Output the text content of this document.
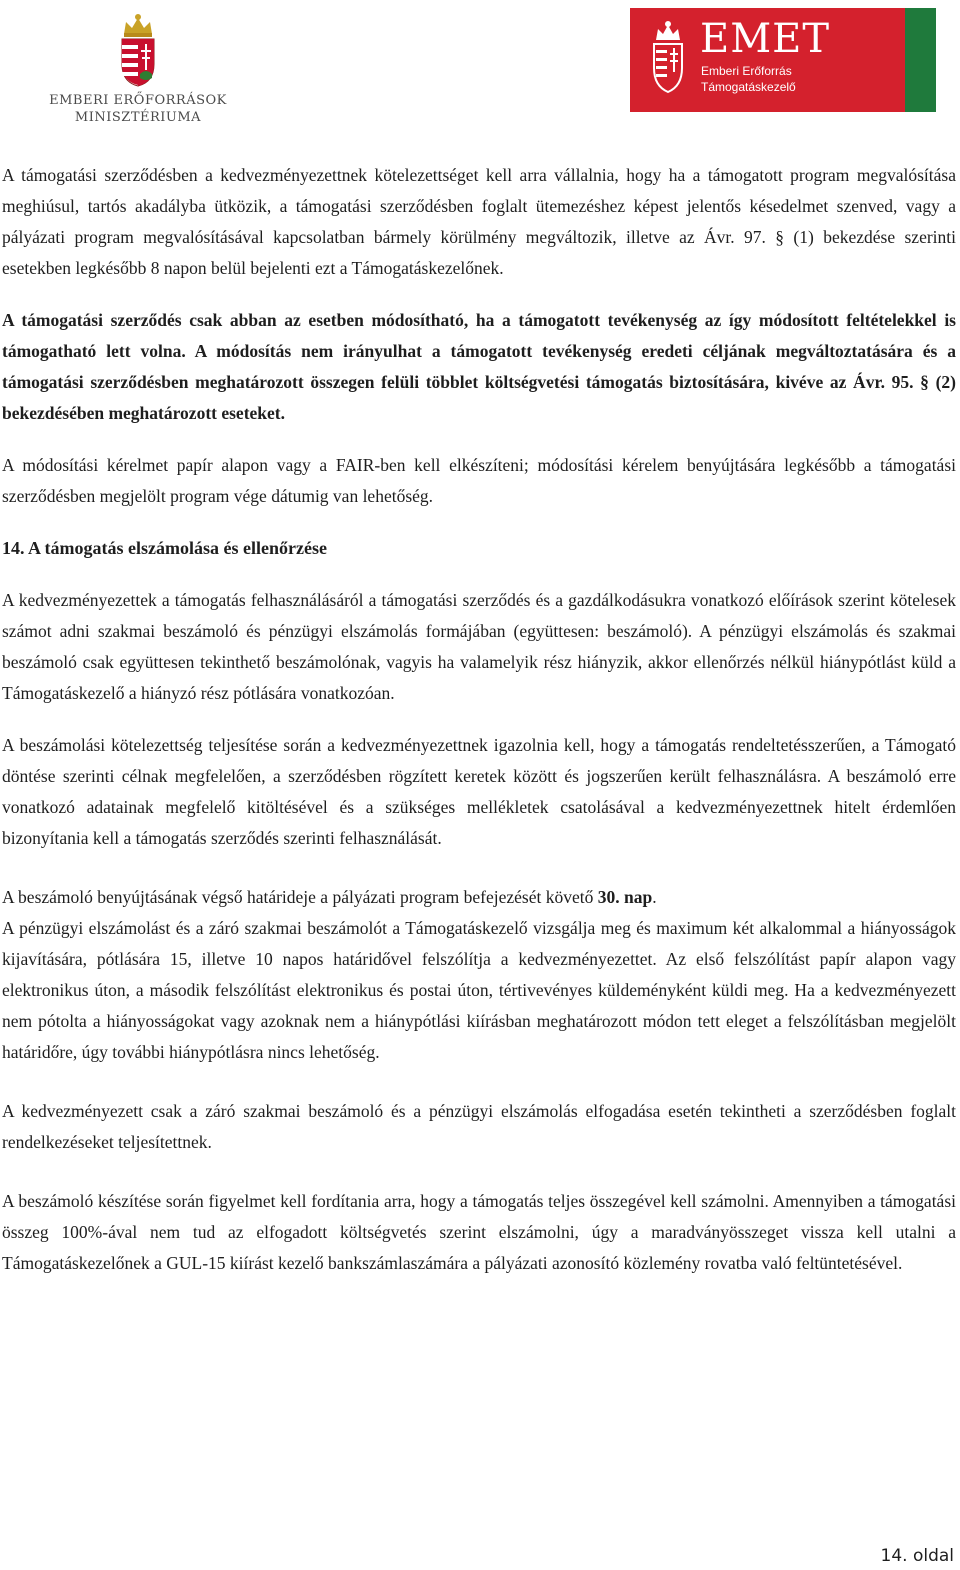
EMBERI ERŐFORRÁSOK
MINISZTÉRIUMA
EMET
Emberi Erőforrás
Támogatáskezelő

A támogatási szerződésben a kedvezményezettnek kötelezettséget kell arra vállalnia, hogy ha a támogatott program megvalósítása meghiúsul, tartós akadályba ütközik, a támogatási szerződésben foglalt ütemezéshez képest jelentős késedelmet szenved, vagy a pályázati program megvalósításával kapcsolatban bármely körülmény megváltozik, illetve az Ávr. 97. § (1) bekezdése szerinti esetekben legkésőbb 8 napon belül bejelenti ezt a Támogatáskezelőnek.

A támogatási szerződés csak abban az esetben módosítható, ha a támogatott tevékenység az így módosított feltételekkel is támogatható lett volna. A módosítás nem irányulhat a támogatott tevékenység eredeti céljának megváltoztatására és a támogatási szerződésben meghatározott összegen felüli többlet költségvetési támogatás biztosítására, kivéve az Ávr. 95. § (2) bekezdésében meghatározott eseteket.

A módosítási kérelmet papír alapon vagy a FAIR-ben kell elkészíteni; módosítási kérelem benyújtására legkésőbb a támogatási szerződésben megjelölt program vége dátumig van lehetőség.

14. A támogatás elszámolása és ellenőrzése

A kedvezményezettek a támogatás felhasználásáról a támogatási szerződés és a gazdálkodásukra vonatkozó előírások szerint kötelesek számot adni szakmai beszámoló és pénzügyi elszámolás formájában (együttesen: beszámoló). A pénzügyi elszámolás és szakmai beszámoló csak együttesen tekinthető beszámolónak, vagyis ha valamelyik rész hiányzik, akkor ellenőrzés nélkül hiánypótlást küld a Támogatáskezelő a hiányzó rész pótlására vonatkozóan.

A beszámolási kötelezettség teljesítése során a kedvezményezettnek igazolnia kell, hogy a támogatás rendeltetésszerűen, a Támogató döntése szerinti célnak megfelelően, a szerződésben rögzített keretek között és jogszerűen került felhasználásra. A beszámoló erre vonatkozó adatainak megfelelő kitöltésével és a szükséges mellékletek csatolásával a kedvezményezettnek hitelt érdemlően bizonyítania kell a támogatás szerződés szerinti felhasználását.

A beszámoló benyújtásának végső határideje a pályázati program befejezését követő 30. nap.

A pénzügyi elszámolást és a záró szakmai beszámolót a Támogatáskezelő vizsgálja meg és maximum két alkalommal a hiányosságok kijavítására, pótlására 15, illetve 10 napos határidővel felszólítja a kedvezményezettet. Az első felszólítást papír alapon vagy elektronikus úton, a második felszólítást elektronikus és postai úton, tértivevényes küldeményként küldi meg. Ha a kedvezményezett nem pótolta a hiányosságokat vagy azoknak nem a hiánypótlási kiírásban meghatározott módon tett eleget a felszólításban megjelölt határidőre, úgy további hiánypótlásra nincs lehetőség.

A kedvezményezett csak a záró szakmai beszámoló és a pénzügyi elszámolás elfogadása esetén tekintheti a szerződésben foglalt rendelkezéseket teljesítettnek.

A beszámoló készítése során figyelmet kell fordítania arra, hogy a támogatás teljes összegével kell számolni. Amennyiben a támogatási összeg 100%-ával nem tud az elfogadott költségvetés szerint elszámolni, úgy a maradványösszeget vissza kell utalni a Támogatáskezelőnek a GUL-15 kiírást kezelő bankszámlaszámára a pályázati azonosító közlemény rovatba való feltüntetésével.

14. oldal
